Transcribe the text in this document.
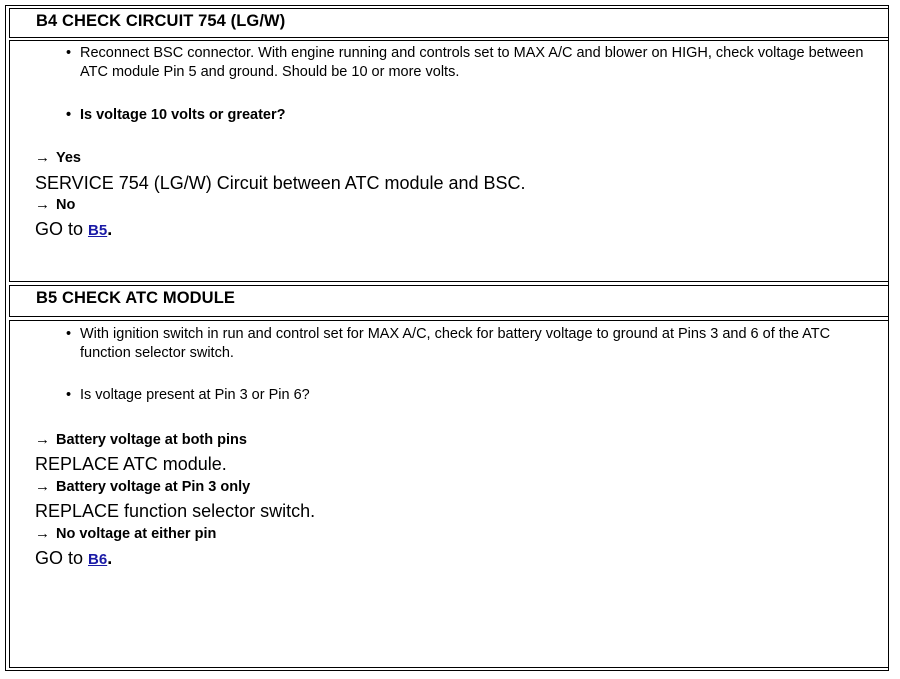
B4 CHECK CIRCUIT 754 (LG/W)
• Reconnect BSC connector. With engine running and controls set to MAX A/C and blower on HIGH, check voltage between ATC module Pin 5 and ground. Should be 10 or more volts.
• Is voltage 10 volts or greater?
→ Yes
SERVICE 754 (LG/W) Circuit between ATC module and BSC.
→ No
GO to B5.
B5 CHECK ATC MODULE
• With ignition switch in run and control set for MAX A/C, check for battery voltage to ground at Pins 3 and 6 of the ATC function selector switch.
• Is voltage present at Pin 3 or Pin 6?
→ Battery voltage at both pins
REPLACE ATC module.
→ Battery voltage at Pin 3 only
REPLACE function selector switch.
→ No voltage at either pin
GO to B6.
